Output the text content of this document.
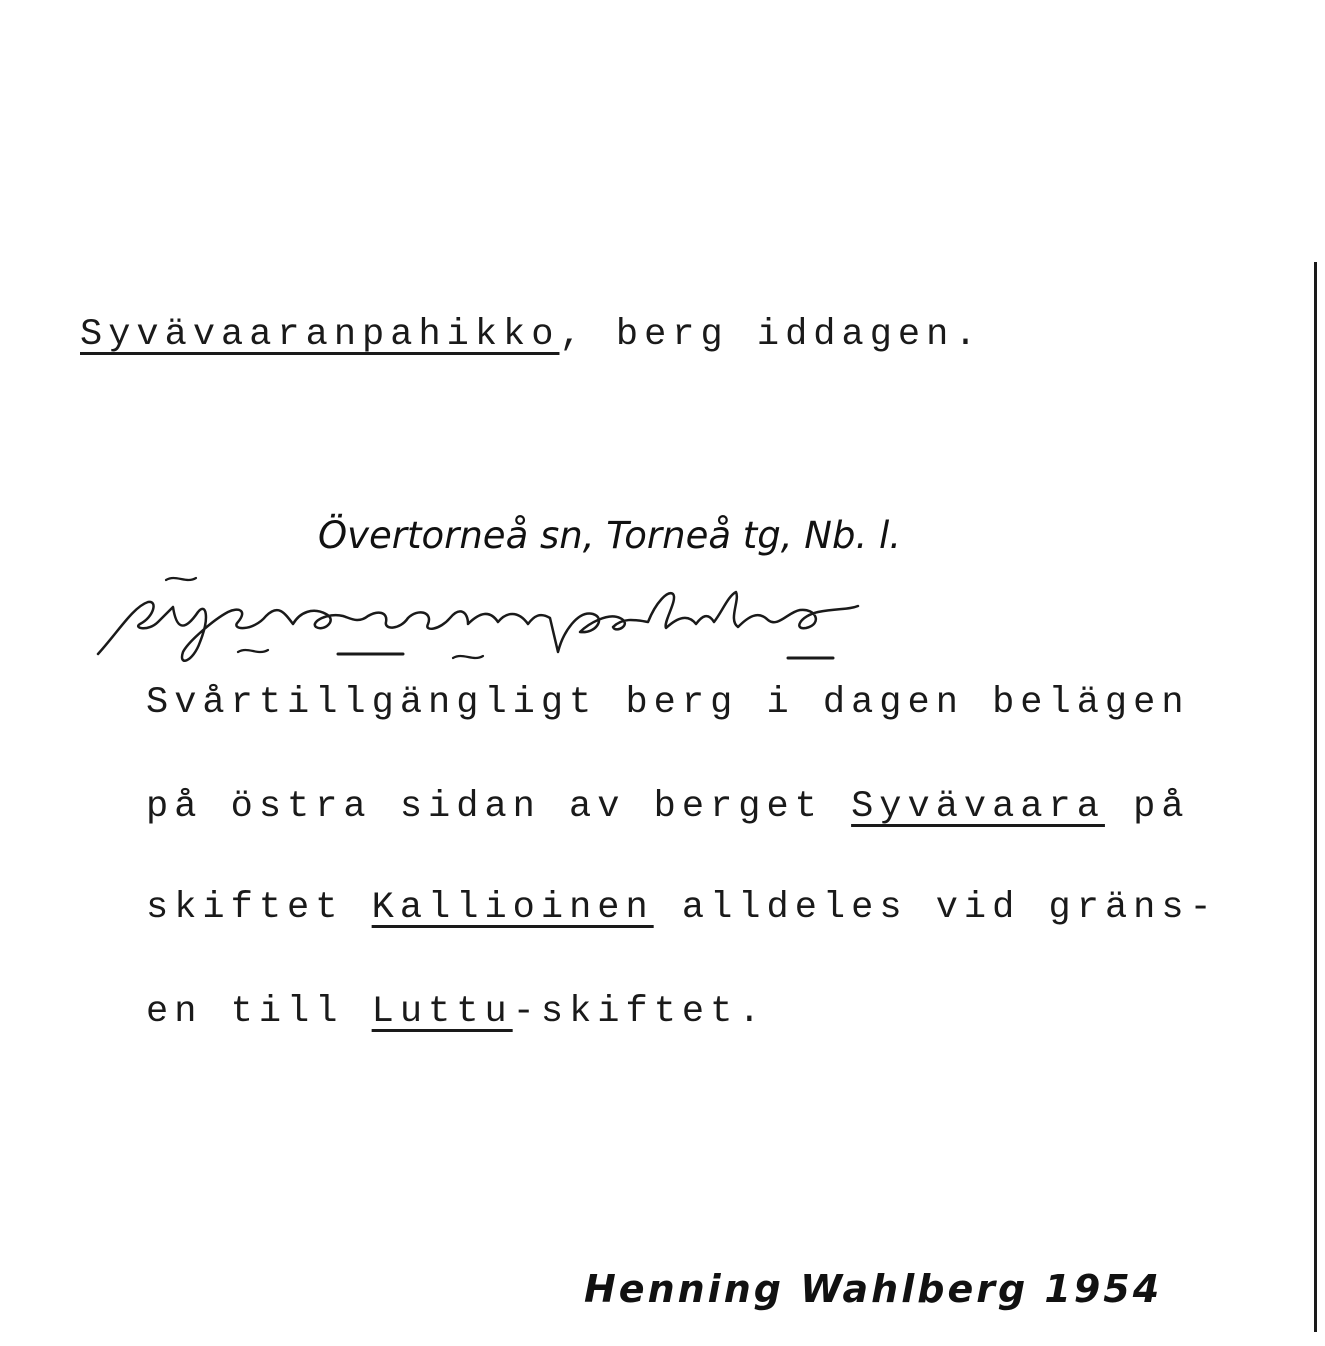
Syvävaaranpahikko, berg iddagen.
Övertorneå sn, Torneå tg, Nb. l.
Svårtillgängligt berg i dagen belägen
på östra sidan av berget Syvävaara på
skiftet Kallioinen alldeles vid gräns-
en till Luttu-skiftet.
Henning Wahlberg 1954
